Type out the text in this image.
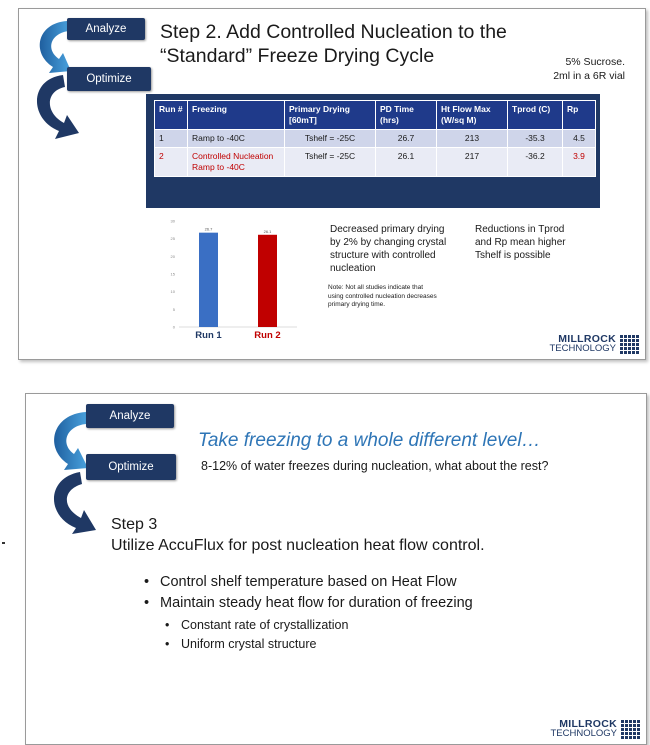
Analyze
Optimize
Step 2. Add Controlled Nucleation to the
“Standard” Freeze Drying Cycle	5% Sucrose.
2ml in a 6R vial
Run #	Freezing	Primary Drying [60mT]	PD Time (hrs)	Ht Flow Max (W/sq M)	Tprod (C)	Rp
1	Ramp to -40C	Tshelf = -25C	26.7	213	-35.3	4.5
2	Controlled Nucleation Ramp to -40C	Tshelf = -25C	26.1	217	-36.2	3.9
0
5
10
15
20
25
30
26.7
Run 1
26.1
Run 2
Decreased primary drying by 2% by changing crystal structure with controlled nucleation
Note: Not all studies indicate that using controlled nucleation decreases primary drying time.
Reductions in Tprod and Rp mean higher Tshelf is possible
MILLROCK
TECHNOLOGY
Analyze
Optimize
Take freezing to a whole different level…
8-12% of water freezes during nucleation, what about the rest?
Step 3
Utilize AccuFlux for post nucleation heat flow control.
• Control shelf temperature based on Heat Flow
• Maintain steady heat flow for duration of freezing
• Constant rate of crystallization
• Uniform crystal structure
MILLROCK
TECHNOLOGY
